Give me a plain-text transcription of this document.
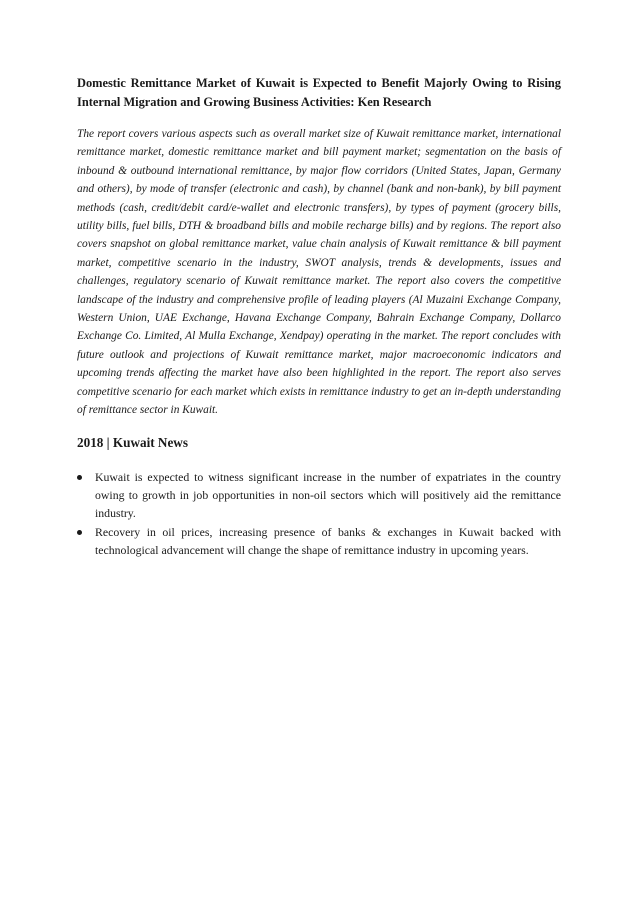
Domestic Remittance Market of Kuwait is Expected to Benefit Majorly Owing to Rising Internal Migration and Growing Business Activities: Ken Research

The report covers various aspects such as overall market size of Kuwait remittance market, international remittance market, domestic remittance market and bill payment market; segmentation on the basis of inbound & outbound international remittance, by major flow corridors (United States, Japan, Germany and others), by mode of transfer (electronic and cash), by channel (bank and non-bank), by bill payment methods (cash, credit/debit card/e-wallet and electronic transfers), by types of payment (grocery bills, utility bills, fuel bills, DTH & broadband bills and mobile recharge bills) and by regions. The report also covers snapshot on global remittance market, value chain analysis of Kuwait remittance & bill payment market, competitive scenario in the industry, SWOT analysis, trends & developments, issues and challenges, regulatory scenario of Kuwait remittance market. The report also covers the competitive landscape of the industry and comprehensive profile of leading players (Al Muzaini Exchange Company, Western Union, UAE Exchange, Havana Exchange Company, Bahrain Exchange Company, Dollarco Exchange Co. Limited, Al Mulla Exchange, Xendpay) operating in the market. The report concludes with future outlook and projections of Kuwait remittance market, major macroeconomic indicators and upcoming trends affecting the market have also been highlighted in the report. The report also serves competitive scenario for each market which exists in remittance industry to get an in-depth understanding of remittance sector in Kuwait.

2018 | Kuwait News
Kuwait is expected to witness significant increase in the number of expatriates in the country owing to growth in job opportunities in non-oil sectors which will positively aid the remittance industry.
Recovery in oil prices, increasing presence of banks & exchanges in Kuwait backed with technological advancement will change the shape of remittance industry in upcoming years.
